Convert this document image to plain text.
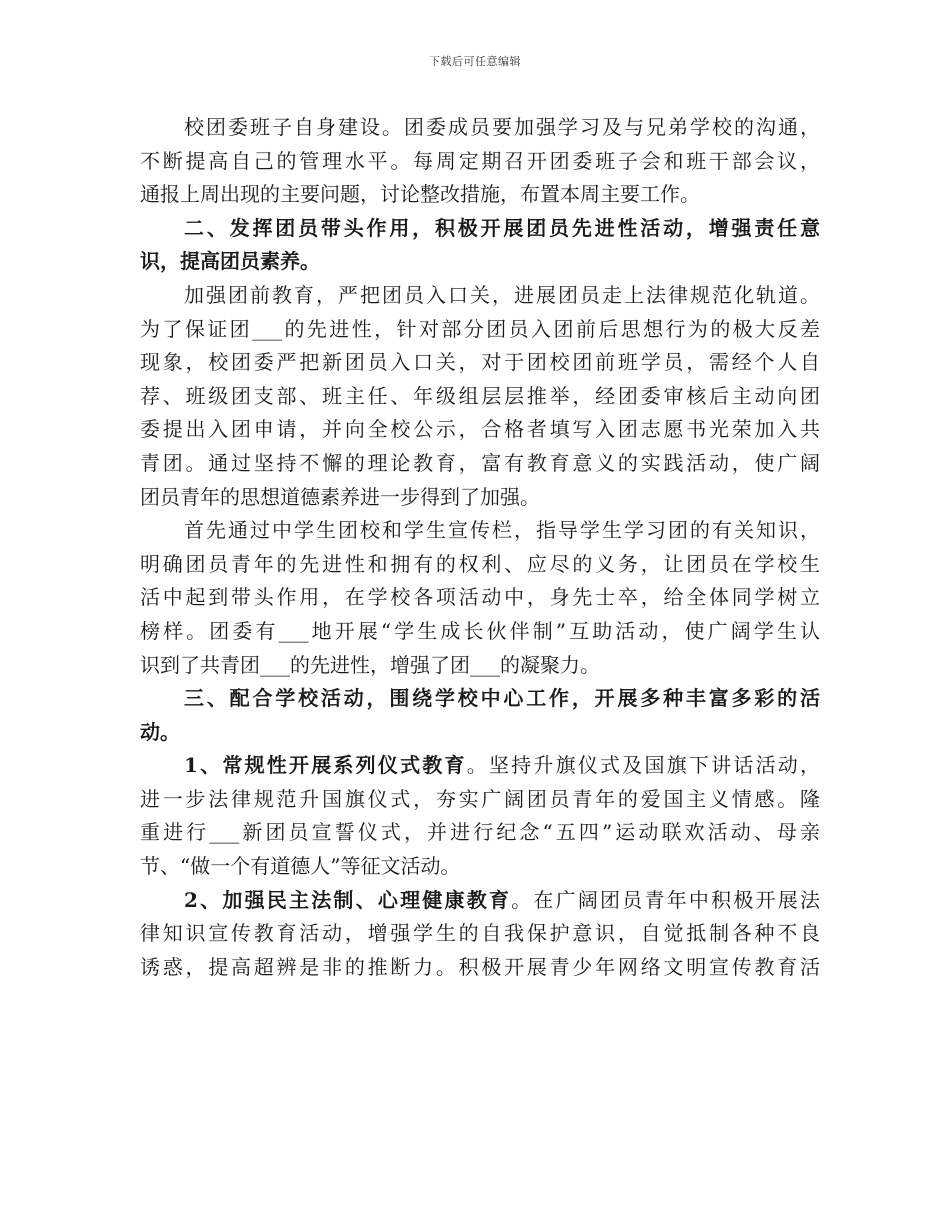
下载后可任意编辑
校团委班子自身建设。团委成员要加强学习及与兄弟学校的沟通，
不断提高自己的管理水平。每周定期召开团委班子会和班干部会议，
通报上周出现的主要问题，讨论整改措施，布置本周主要工作。
二、发挥团员带头作用，积极开展团员先进性活动，增强责任意
识，提高团员素养。
加强团前教育，严把团员入口关，进展团员走上法律规范化轨道。
为了保证团___的先进性，针对部分团员入团前后思想行为的极大反差
现象，校团委严把新团员入口关，对于团校团前班学员，需经个人自
荐、班级团支部、班主任、年级组层层推举，经团委审核后主动向团
委提出入团申请，并向全校公示，合格者填写入团志愿书光荣加入共
青团。通过坚持不懈的理论教育，富有教育意义的实践活动，使广阔
团员青年的思想道德素养进一步得到了加强。
首先通过中学生团校和学生宣传栏，指导学生学习团的有关知识，
明确团员青年的先进性和拥有的权利、应尽的义务，让团员在学校生
活中起到带头作用，在学校各项活动中，身先士卒，给全体同学树立
榜样。团委有___地开展“学生成长伙伴制”互助活动，使广阔学生认
识到了共青团___的先进性，增强了团___的凝聚力。
三、配合学校活动，围绕学校中心工作，开展多种丰富多彩的活
动。
1、常规性开展系列仪式教育。坚持升旗仪式及国旗下讲话活动，
进一步法律规范升国旗仪式，夯实广阔团员青年的爱国主义情感。隆
重进行___新团员宣誓仪式，并进行纪念“五四”运动联欢活动、母亲
节、“做一个有道德人”等征文活动。
2、加强民主法制、心理健康教育。在广阔团员青年中积极开展法
律知识宣传教育活动，增强学生的自我保护意识，自觉抵制各种不良
诱惑，提高超辨是非的推断力。积极开展青少年网络文明宣传教育活
